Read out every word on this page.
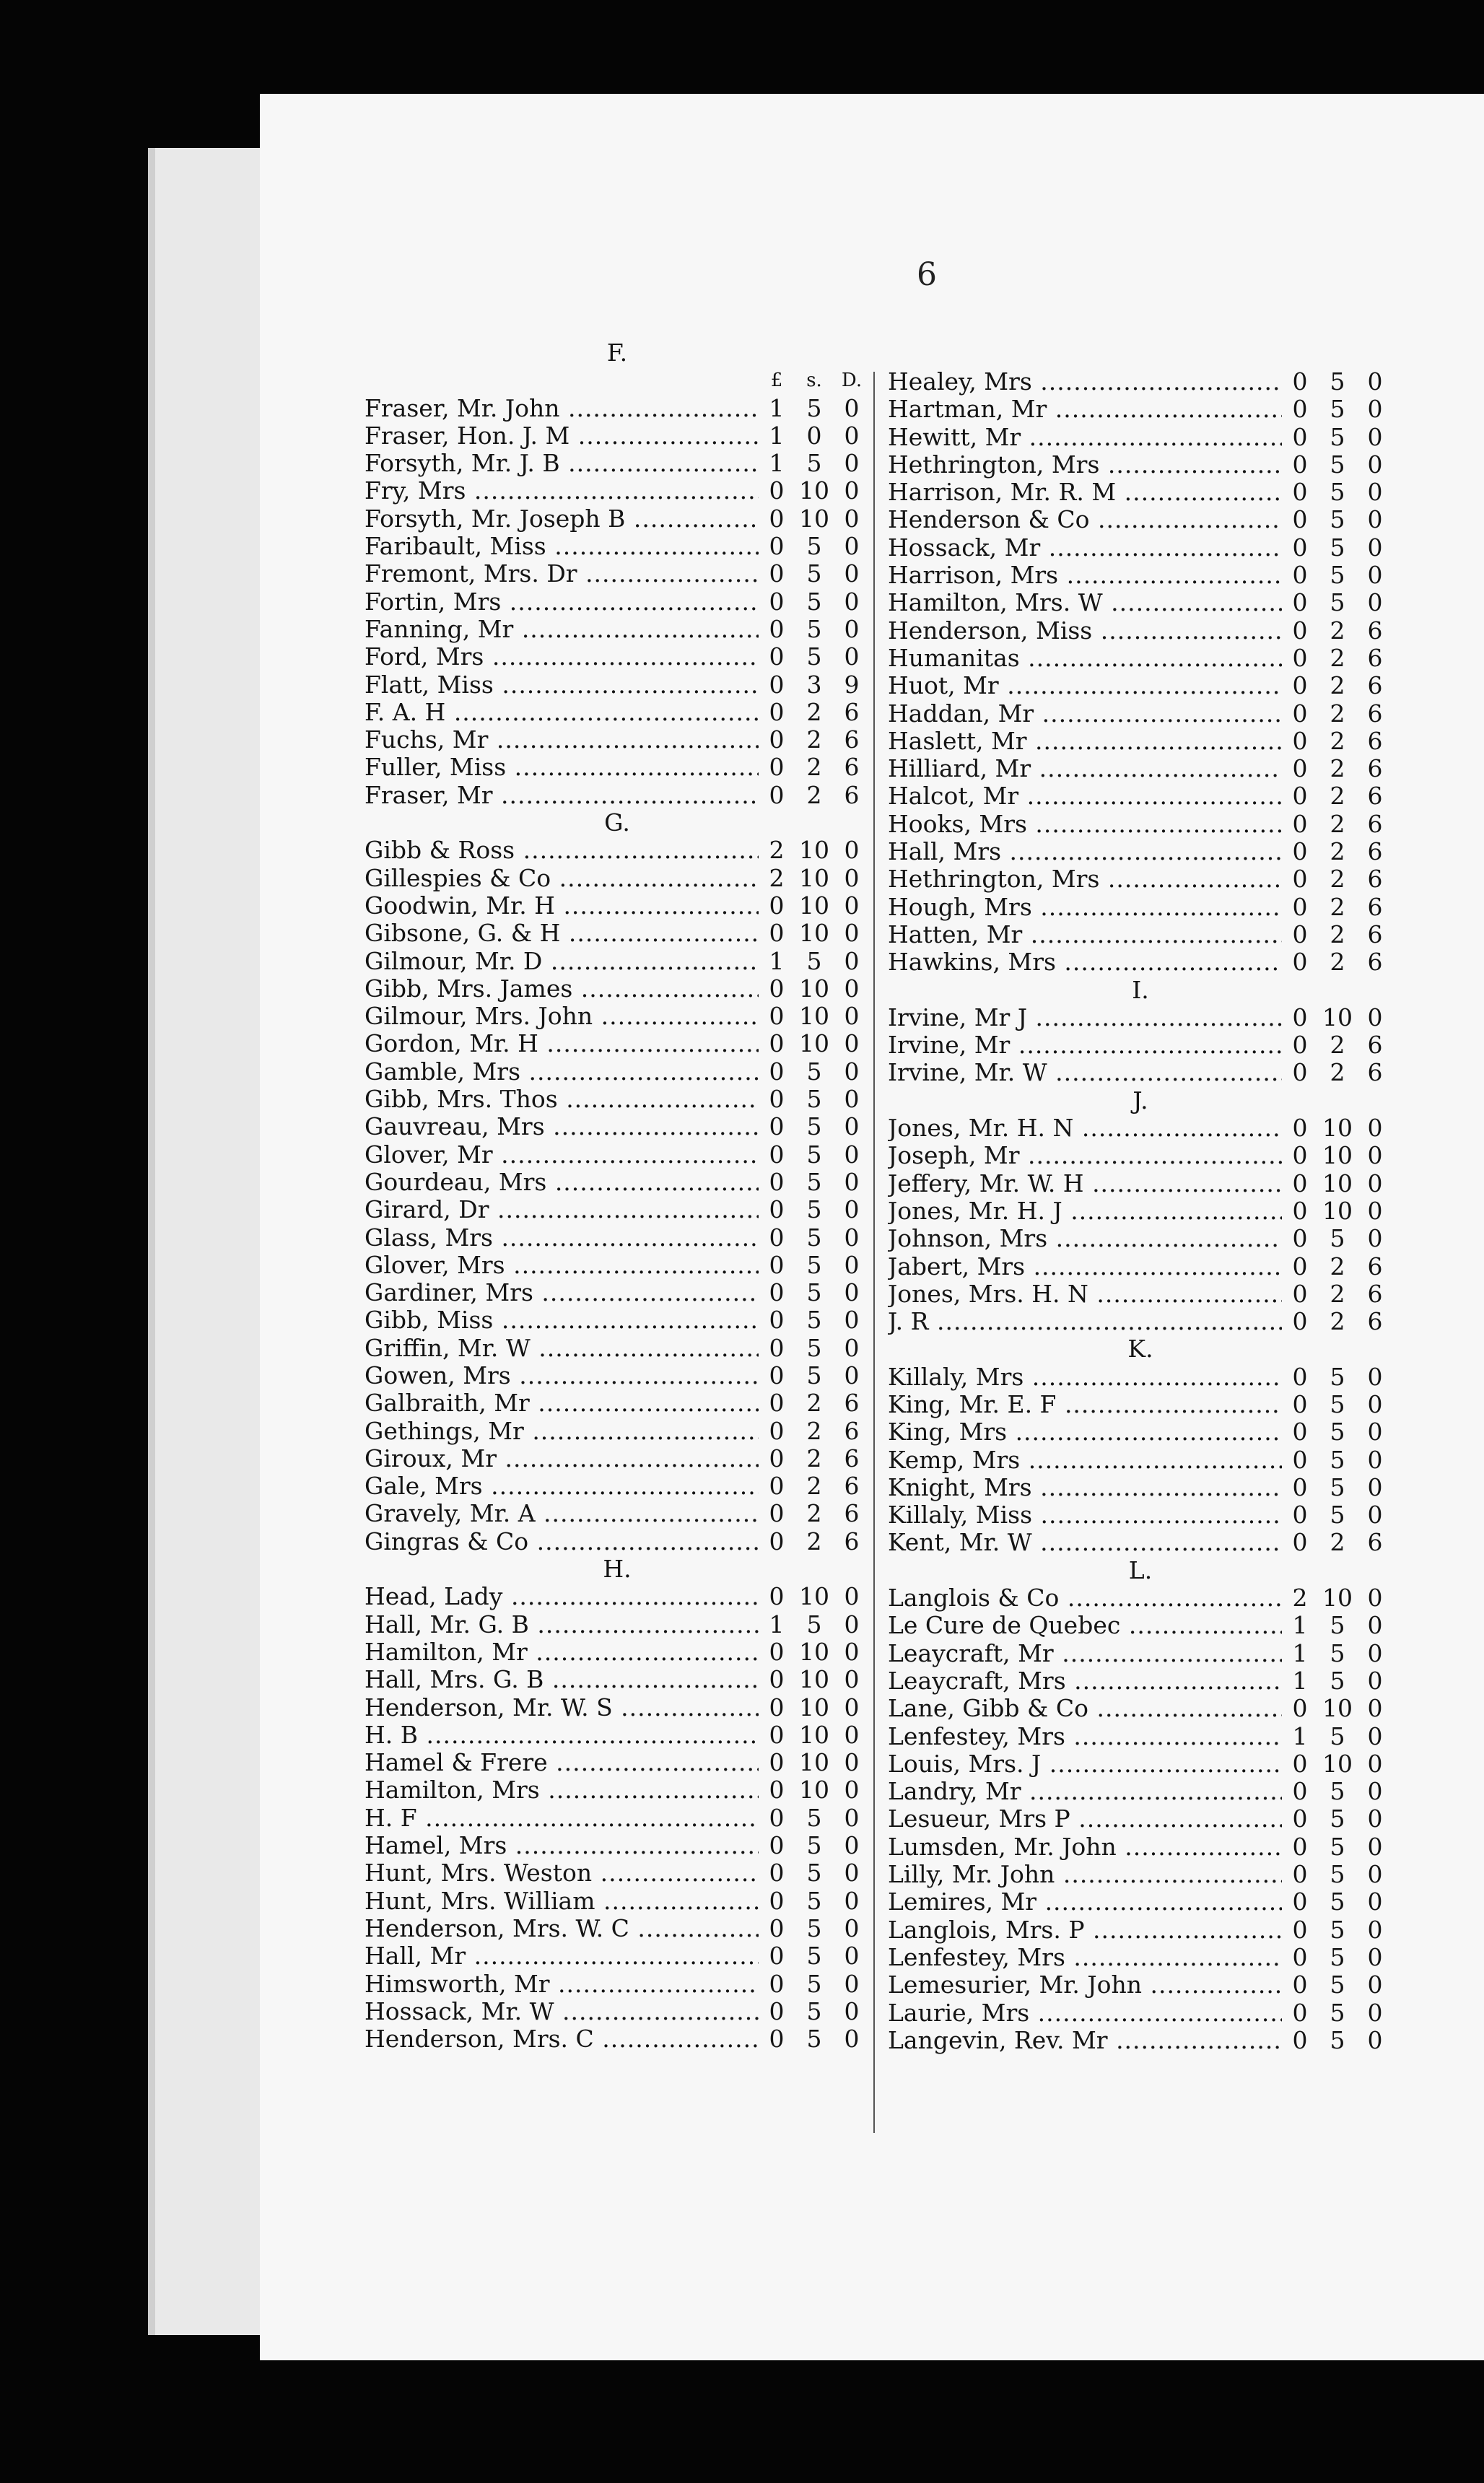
6
F.
£	s.	D.
Fraser, Mr. John .....	1 5 0
Fraser, Hon. J. M .....	1 0 0
Forsyth, Mr. J. B .....	1 5 0
Fry, Mrs .....	0 10 0
Forsyth, Mr. Joseph B .....	0 10 0
Faribault, Miss .....	0 5 0
Fremont, Mrs. Dr .....	0 5 0
Fortin, Mrs .....	0 5 0
Fanning, Mr .....	0 5 0
Ford, Mrs .....	0 5 0
Flatt, Miss .....	0 3 9
F. A. H .....	0 2 6
Fuchs, Mr .....	0 2 6
Fuller, Miss .....	0 2 6
Fraser, Mr .....	0 2 6
G.
Gibb & Ross .....	2 10 0
Gillespies & Co .....	2 10 0
Goodwin, Mr. H .....	0 10 0
Gibsone, G. & H .....	0 10 0
Gilmour, Mr. D .....	1 5 0
Gibb, Mrs. James .....	0 10 0
Gilmour, Mrs. John .....	0 10 0
Gordon, Mr. H .....	0 10 0
Gamble, Mrs .....	0 5 0
Gibb, Mrs. Thos .....	0 5 0
Gauvreau, Mrs .....	0 5 0
Glover, Mr .....	0 5 0
Gourdeau, Mrs .....	0 5 0
Girard, Dr .....	0 5 0
Glass, Mrs .....	0 5 0
Glover, Mrs .....	0 5 0
Gardiner, Mrs .....	0 5 0
Gibb, Miss .....	0 5 0
Griffin, Mr. W .....	0 5 0
Gowen, Mrs .....	0 5 0
Galbraith, Mr .....	0 2 6
Gethings, Mr .....	0 2 6
Giroux, Mr .....	0 2 6
Gale, Mrs .....	0 2 6
Gravely, Mr. A .....	0 2 6
Gingras & Co .....	0 2 6
H.
Head, Lady .....	0 10 0
Hall, Mr. G. B .....	1 5 0
Hamilton, Mr .....	0 10 0
Hall, Mrs. G. B .....	0 10 0
Henderson, Mr. W. S .....	0 10 0
H. B .....	0 10 0
Hamel & Frere .....	0 10 0
Hamilton, Mrs .....	0 10 0
H. F .....	0 5 0
Hamel, Mrs .....	0 5 0
Hunt, Mrs. Weston .....	0 5 0
Hunt, Mrs. William .....	0 5 0
Henderson, Mrs. W. C .....	0 5 0
Hall, Mr .....	0 5 0
Himsworth, Mr .....	0 5 0
Hossack, Mr. W .....	0 5 0
Henderson, Mrs. C .....	0 5 0
Healey, Mrs .....	0 5 0
Hartman, Mr .....	0 5 0
Hewitt, Mr .....	0 5 0
Hethrington, Mrs .....	0 5 0
Harrison, Mr. R. M .....	0 5 0
Henderson & Co .....	0 5 0
Hossack, Mr .....	0 5 0
Harrison, Mrs .....	0 5 0
Hamilton, Mrs. W .....	0 5 0
Henderson, Miss .....	0 2 6
Humanitas .....	0 2 6
Huot, Mr .....	0 2 6
Haddan, Mr .....	0 2 6
Haslett, Mr .....	0 2 6
Hilliard, Mr .....	0 2 6
Halcot, Mr .....	0 2 6
Hooks, Mrs .....	0 2 6
Hall, Mrs .....	0 2 6
Hethrington, Mrs .....	0 2 6
Hough, Mrs .....	0 2 6
Hatten, Mr .....	0 2 6
Hawkins, Mrs .....	0 2 6
I.
Irvine, Mr J .....	0 10 0
Irvine, Mr .....	0 2 6
Irvine, Mr. W .....	0 2 6
J.
Jones, Mr. H. N .....	0 10 0
Joseph, Mr .....	0 10 0
Jeffery, Mr. W. H .....	0 10 0
Jones, Mr. H. J .....	0 10 0
Johnson, Mrs .....	0 5 0
Jabert, Mrs .....	0 2 6
Jones, Mrs. H. N .....	0 2 6
J. R .....	0 2 6
K.
Killaly, Mrs .....	0 5 0
King, Mr. E. F .....	0 5 0
King, Mrs .....	0 5 0
Kemp, Mrs .....	0 5 0
Knight, Mrs .....	0 5 0
Killaly, Miss .....	0 5 0
Kent, Mr. W .....	0 2 6
L.
Langlois & Co .....	2 10 0
Le Cure de Quebec .....	1 5 0
Leaycraft, Mr .....	1 5 0
Leaycraft, Mrs .....	1 5 0
Lane, Gibb & Co .....	0 10 0
Lenfestey, Mrs .....	1 5 0
Louis, Mrs. J .....	0 10 0
Landry, Mr .....	0 5 0
Lesueur, Mrs P .....	0 5 0
Lumsden, Mr. John .....	0 5 0
Lilly, Mr. John .....	0 5 0
Lemires, Mr .....	0 5 0
Langlois, Mrs. P .....	0 5 0
Lenfestey, Mrs .....	0 5 0
Lemesurier, Mr. John .....	0 5 0
Laurie, Mrs .....	0 5 0
Langevin, Rev. Mr .....	0 5 0
